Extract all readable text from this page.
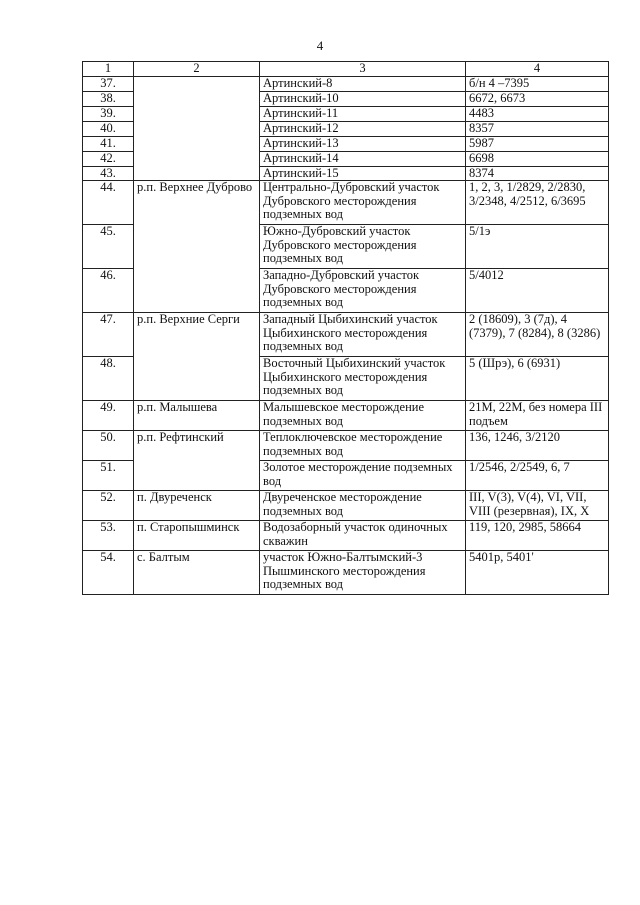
4
1	2	3	4
37.		Артинский-8	б/н 4 –7395
38.		Артинский-10	6672, 6673
39.		Артинский-11	4483
40.		Артинский-12	8357
41.		Артинский-13	5987
42.		Артинский-14	6698
43.		Артинский-15	8374
44.	р.п. Верхнее Дуброво	Центрально-Дубровский участок Дубровского месторождения подземных вод	1, 2, 3, 1/2829, 2/2830, 3/2348, 4/2512, 6/3695
45.		Южно-Дубровский участок Дубровского месторождения подземных вод	5/1э
46.		Западно-Дубровский участок Дубровского месторождения подземных вод	5/4012
47.	р.п. Верхние Серги	Западный Цыбихинский участок Цыбихинского месторождения подземных вод	2 (18609), 3 (7д), 4 (7379), 7 (8284), 8 (3286)
48.		Восточный Цыбихинский участок Цыбихинского месторождения подземных вод	5 (Шрэ), 6 (6931)
49.	р.п. Малышева	Малышевское месторождение подземных вод	21М, 22М, без номера III подъем
50.	р.п. Рефтинский	Теплоключевское месторождение подземных вод	136, 1246, 3/2120
51.		Золотое месторождение подземных вод	1/2546, 2/2549, 6, 7
52.	п. Двуреченск	Двуреченское месторождение подземных вод	III, V(3), V(4), VI, VII, VIII (резервная), IX, X
53.	п. Старопышминск	Водозаборный участок одиночных скважин	119, 120, 2985, 58664
54.	с. Балтым	участок Южно-Балтымский-3 Пышминского месторождения подземных вод	5401р, 5401'
